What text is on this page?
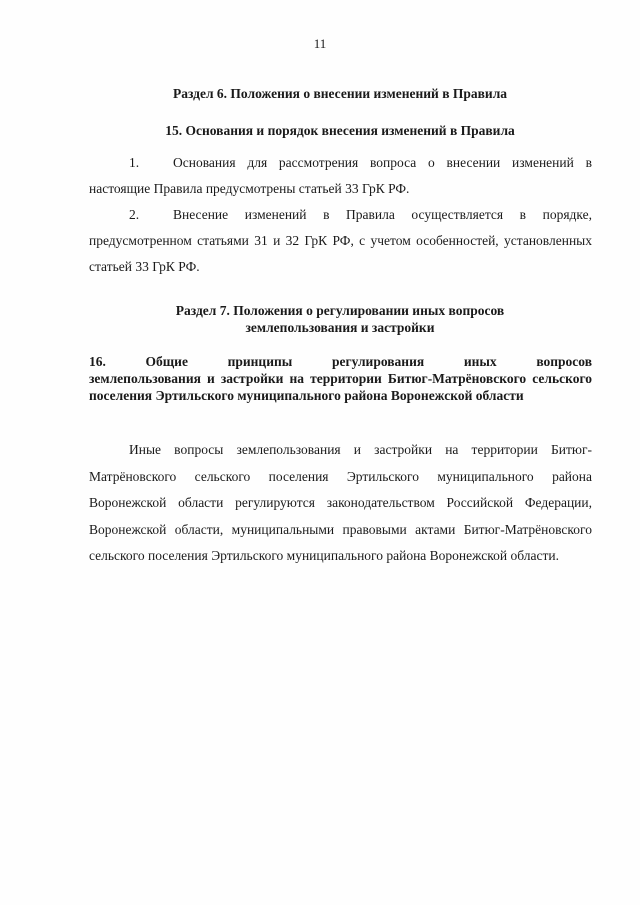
11
Раздел 6. Положения о внесении изменений в Правила
15. Основания и порядок внесения изменений в Правила
1.	Основания для рассмотрения вопроса о внесении изменений в настоящие Правила предусмотрены статьей 33 ГрК РФ.
2.	Внесение изменений в Правила осуществляется в порядке, предусмотренном статьями 31 и 32 ГрК РФ, с учетом особенностей, установленных статьей 33 ГрК РФ.
Раздел 7. Положения о регулировании иных вопросов
землепользования и застройки
16.	Общие	принципы	регулирования	иных	вопросов
землепользования и застройки на территории Битюг-Матрёновского сельского поселения Эртильского муниципального района Воронежской области
Иные вопросы землепользования и застройки на территории Битюг-Матрёновского сельского поселения Эртильского муниципального района Воронежской области регулируются законодательством Российской Федерации, Воронежской области, муниципальными правовыми актами Битюг-Матрёновского сельского поселения Эртильского муниципального района Воронежской области.
